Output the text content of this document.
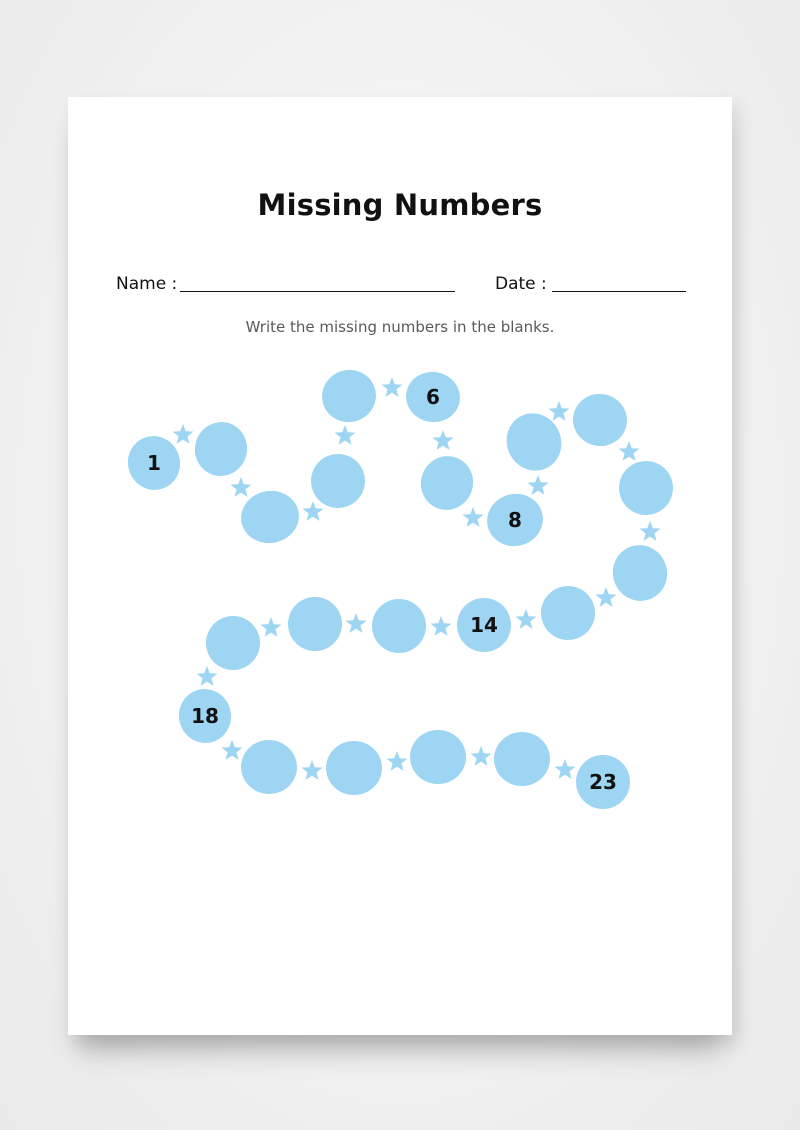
Missing Numbers
Name :	Date :
Write the missing numbers in the blanks.
1
6
8
14
18
23
